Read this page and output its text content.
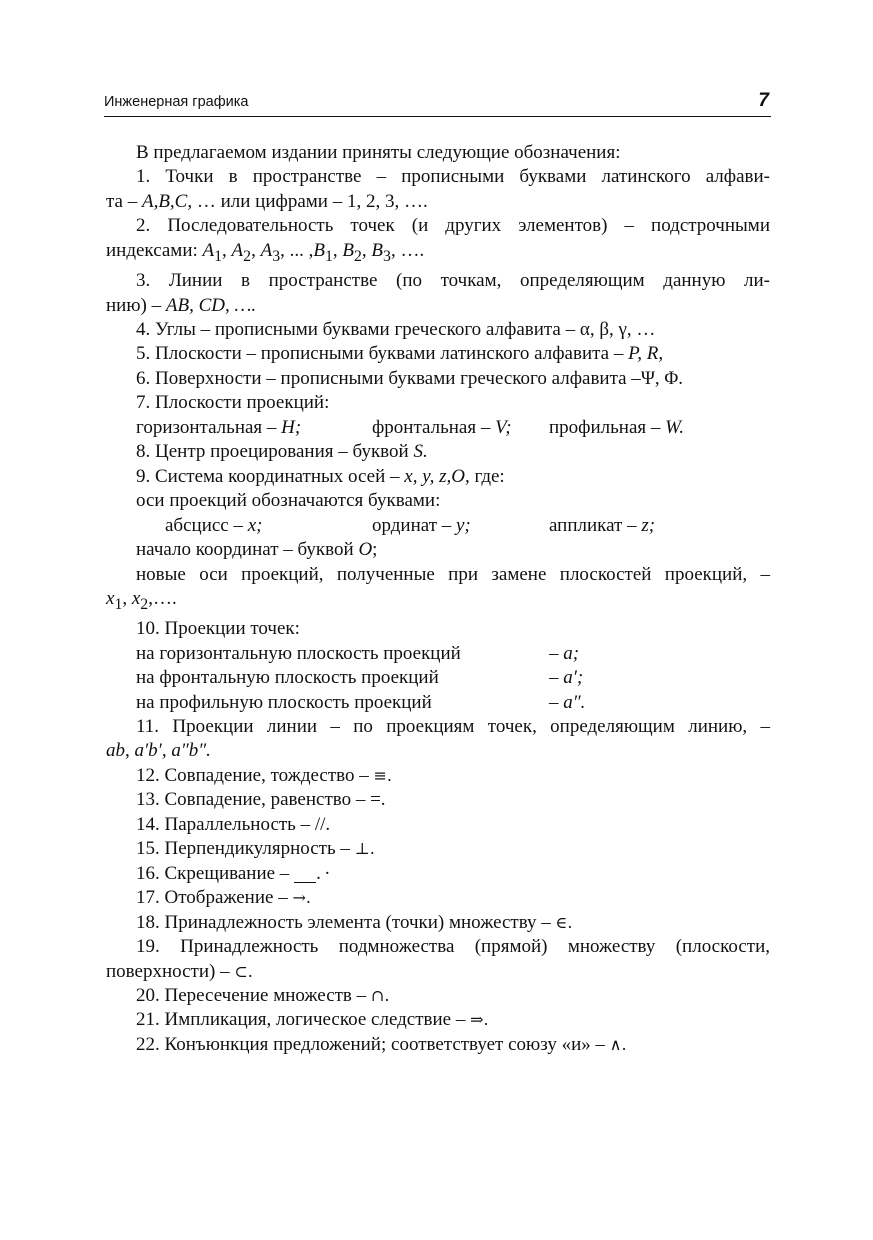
Инженерная графика	7

В предлагаемом издании приняты следующие обозначения:

1. Точки в пространстве – прописными буквами латинского алфави-

та – A,B,C, … или цифрами – 1, 2, 3, ….

2. Последовательность точек (и других элементов) – подстрочными

индексами: $A_1$, $A_2$, $A_3$, ... $,B_1$, $B_2$, $B_3$, ….

3. Линии в пространстве (по точкам, определяющим данную ли-

нию) – AB, CD, ….

4. Углы – прописными буквами греческого алфавита – α, β, γ, …

5. Плоскости – прописными буквами латинского алфавита – P, R,

6. Поверхности – прописными буквами греческого алфавита –Ψ, Φ.

7. Плоскости проекций:

горизонтальная – H;	фронтальная – V;	профильная – W.

8. Центр проецирования – буквой S.

9. Система координатных осей – x, y, z,O, где:

оси проекций обозначаются буквами:

абсцисс – x;	ординат – y;	аппликат – z;

начало координат – буквой O;

новые оси проекций, полученные при замене плоскостей проекций, –

$x_1$, $x_2,\dots$.

10. Проекции точек:

на горизонтальную плоскость проекций	– a;
на фронтальную плоскость проекций	– a′;
на профильную плоскость проекций	– a″.

11. Проекции линии – по проекциям точек, определяющим линию, –

ab, a′b′, a″b″.

12. Совпадение, тождество – ≡.

13. Совпадение, равенство – =.

14. Параллельность – //.

15. Перпендикулярность – ⊥.

16. Скрещивание – ·.

17. Отображение – →.

18. Принадлежность элемента (точки) множеству – ∈.

19. Принадлежность подмножества (прямой) множеству (плоскости,

поверхности) – ⊂.

20. Пересечение множеств – ∩.

21. Импликация, логическое следствие – ⇒.

22. Конъюнкция предложений; соответствует союзу «и» – ∧.
